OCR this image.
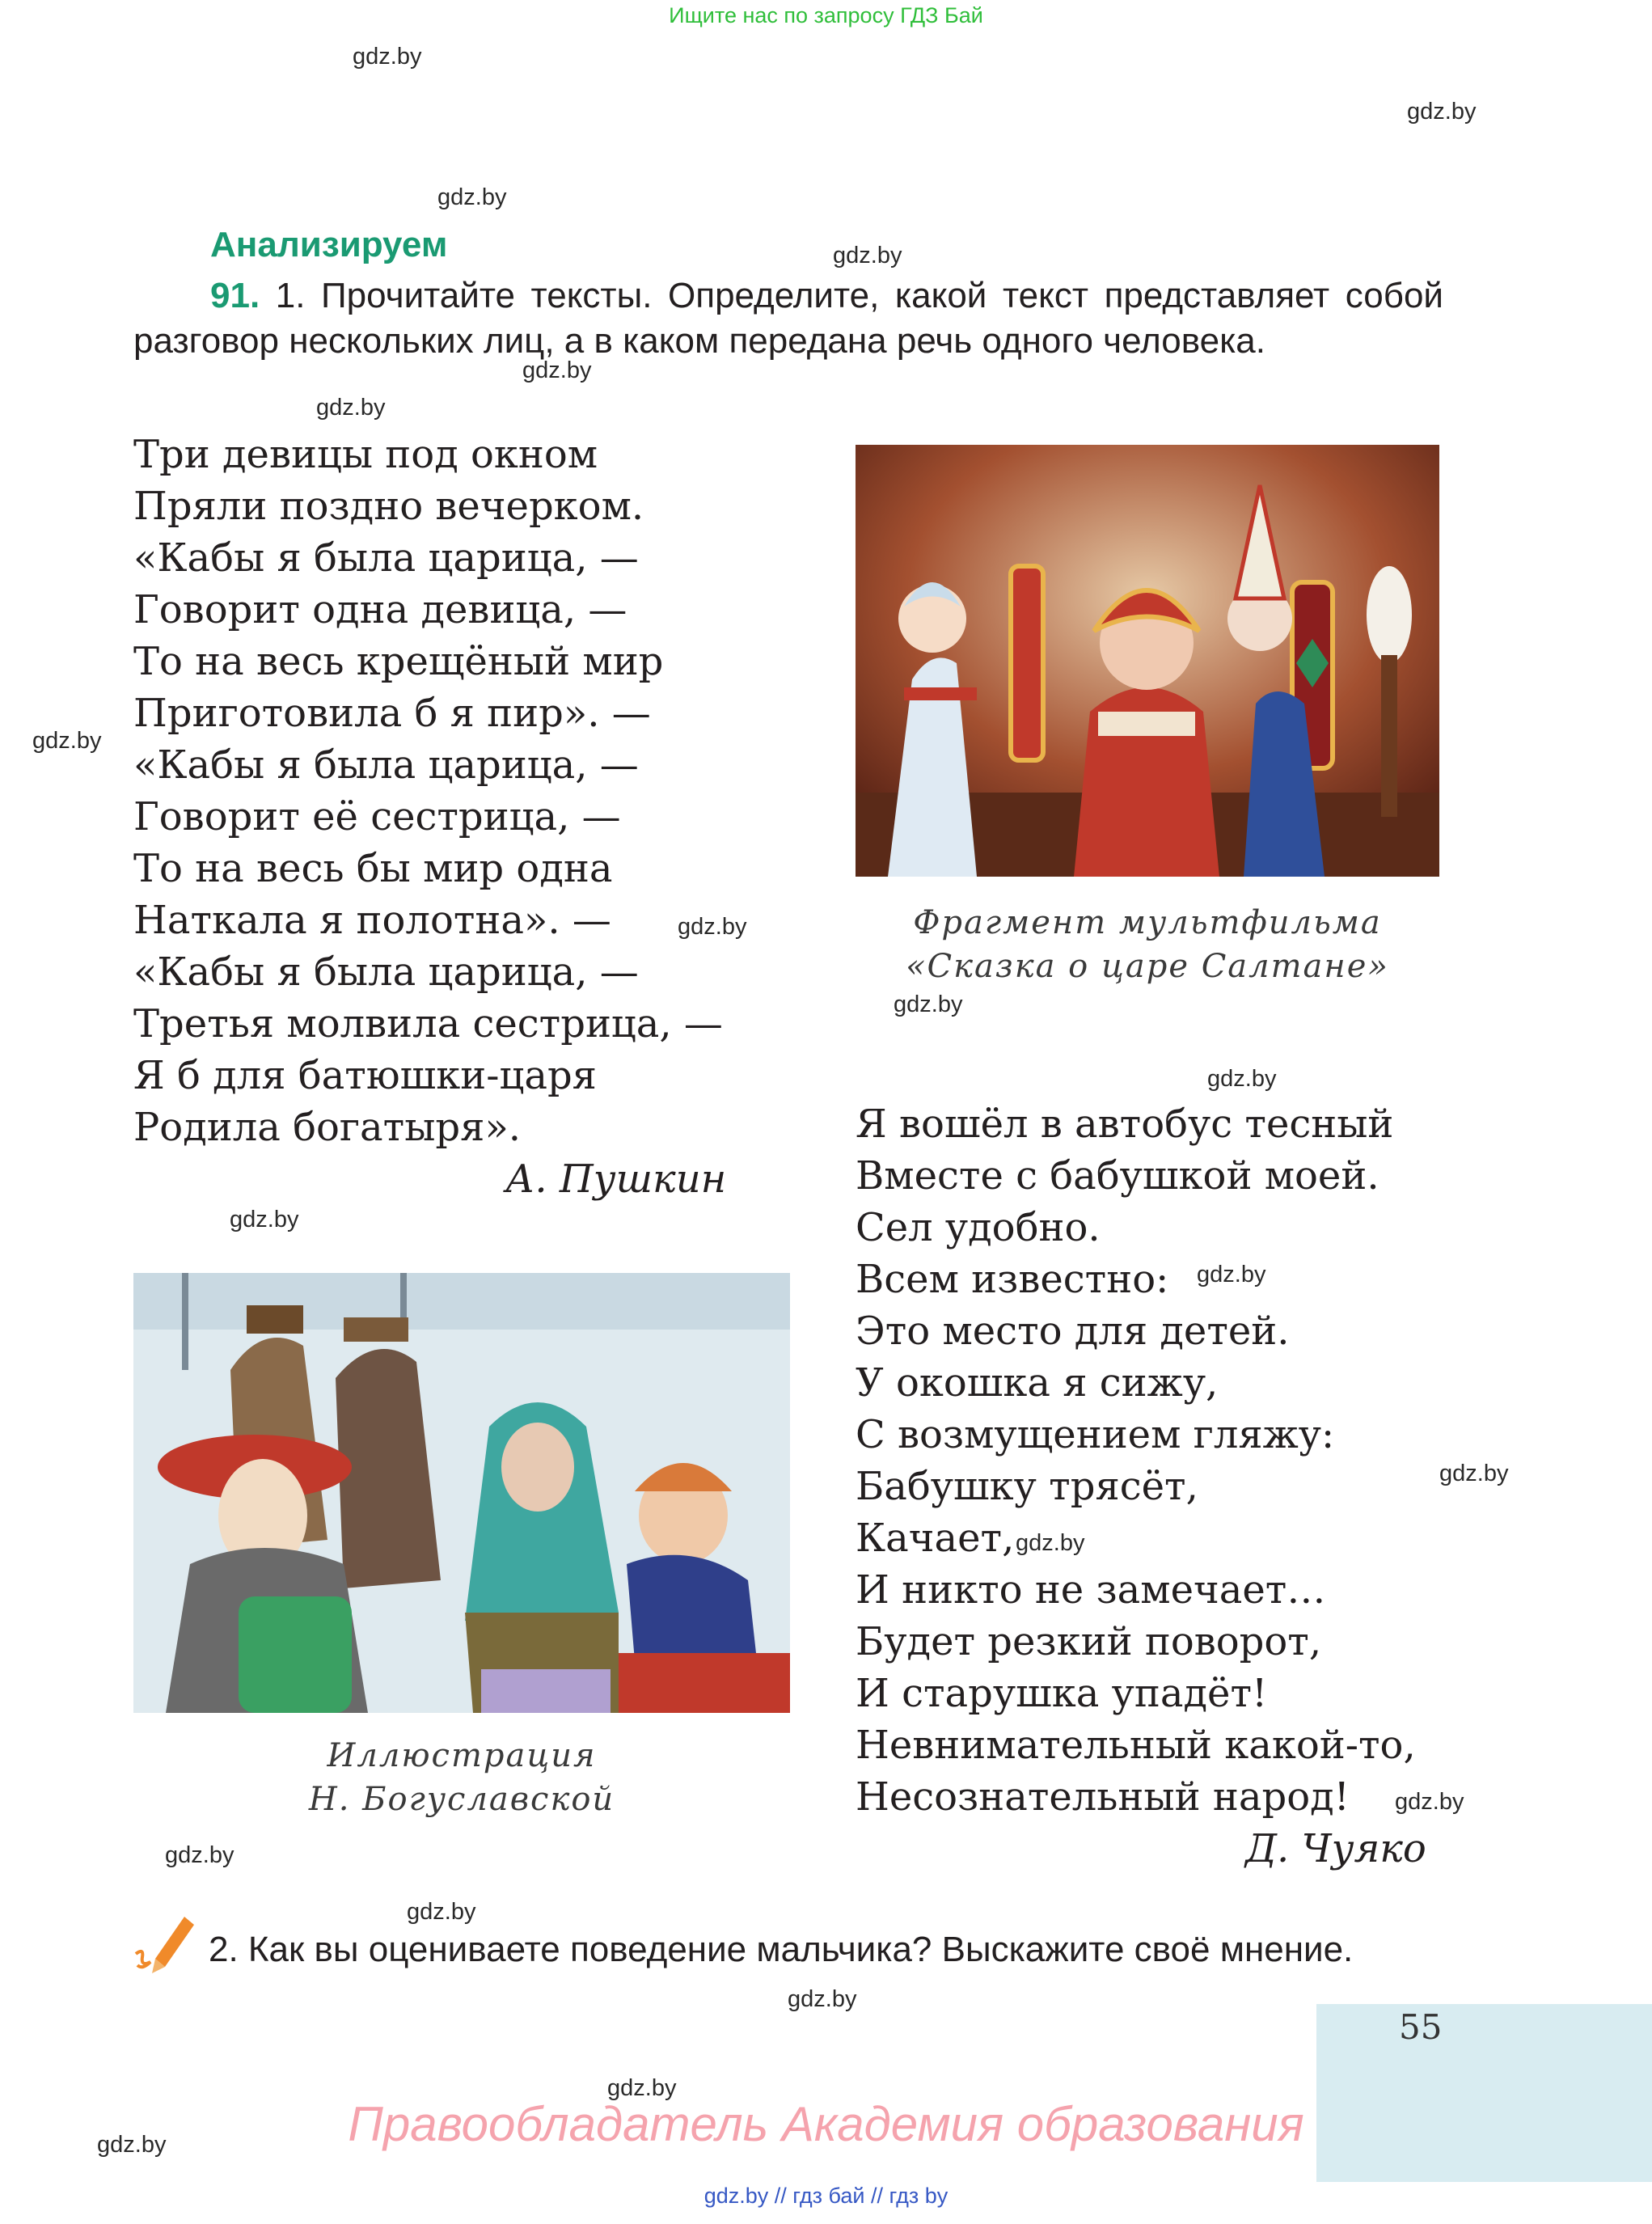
Ищите нас по запросу ГДЗ Бай
gdz.by
gdz.by
gdz.by
gdz.by
gdz.by
gdz.by
gdz.by
gdz.by
gdz.by
gdz.by
gdz.by
gdz.by
gdz.by
gdz.by
gdz.by
gdz.by
gdz.by
gdz.by
gdz.by
gdz.by
Анализируем
91. 1. Прочитайте тексты. Определите, какой текст представляет собой разговор нескольких лиц, а в каком передана речь одного человека.
Три девицы под окном
Пряли поздно вечерком.
«Кабы я была царица, —
Говорит одна девица, —
То на весь крещёный мир
Приготовила б я пир». —
«Кабы я была царица, —
Говорит её сестрица, —
То на весь бы мир одна
Наткала я полотна». —
«Кабы я была царица, —
Третья молвила сестрица, —
Я б для батюшки-царя
Родила богатыря».
А. Пушкин
Фрагмент мультфильма
«Сказка о царе Салтане»
Я вошёл в автобус тесный
Вместе с бабушкой моей.
Сел удобно.
Всем известно:
Это место для детей.
У окошка я сижу,
С возмущением гляжу:
Бабушку трясёт,
Качает,
И никто не замечает…
Будет резкий поворот,
И старушка упадёт!
Невнимательный какой-то,
Несознательный народ!
Д. Чуяко
Иллюстрация
Н. Богуславской
2. Как вы оцениваете поведение мальчика? Выскажите своё мнение.
55
Правообладатель Академия образования
gdz.by // гдз бай // гдз by
